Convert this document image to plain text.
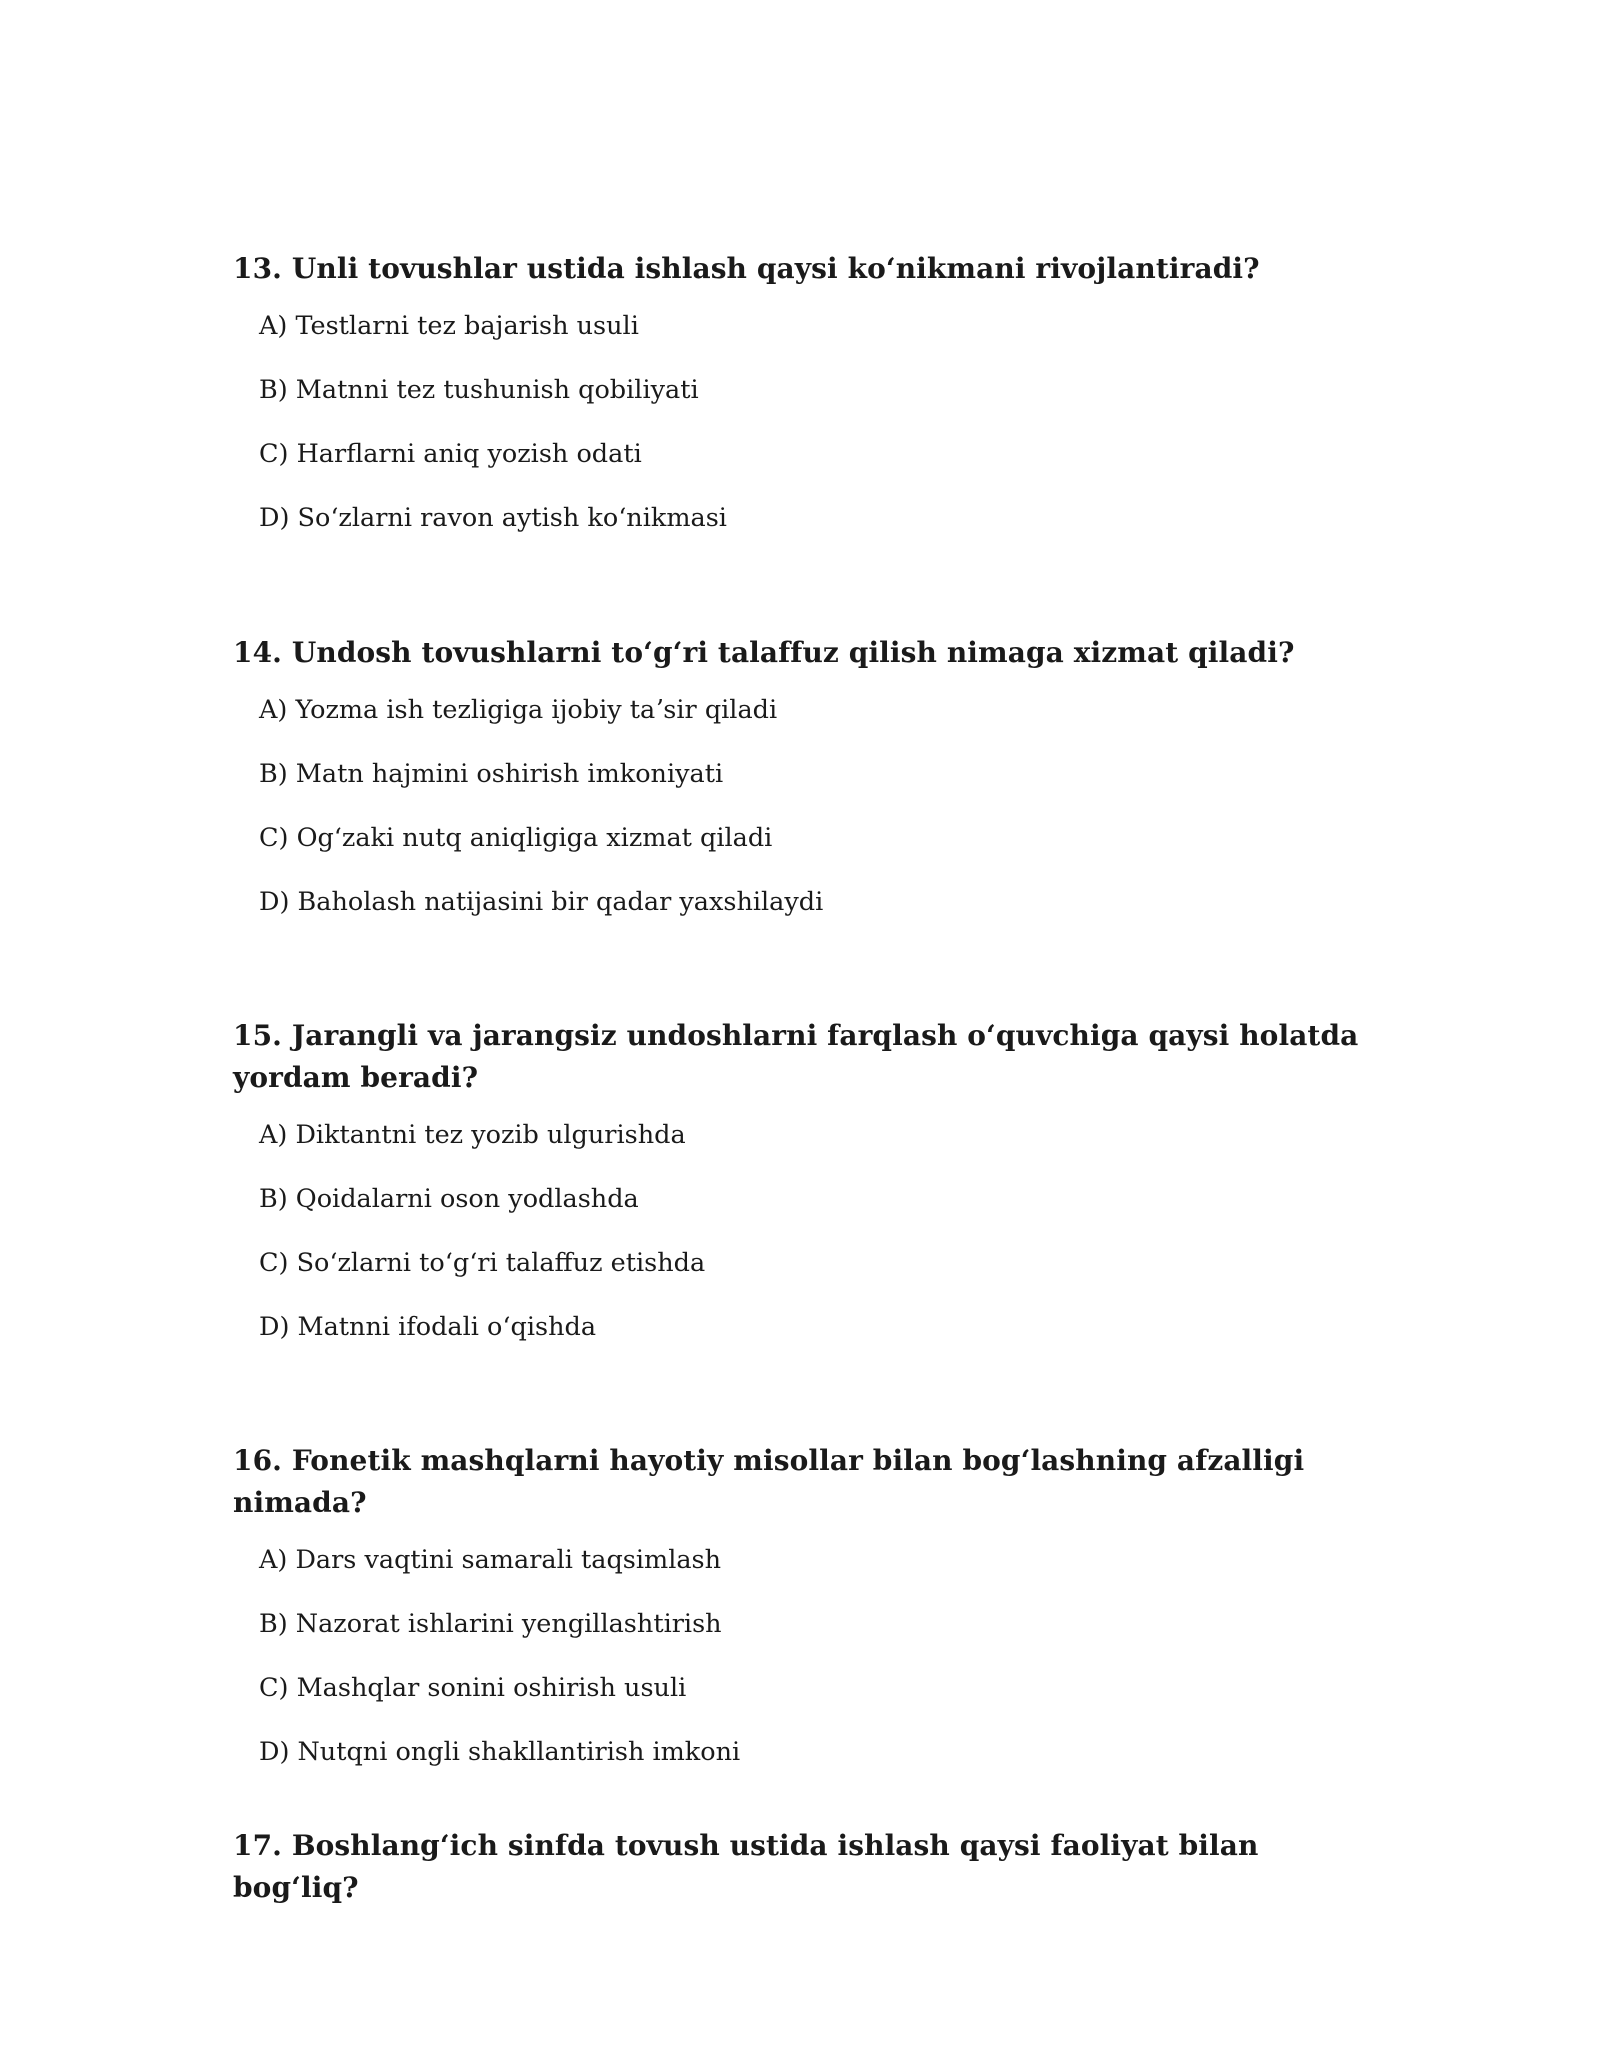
13. Unli tovushlar ustida ishlash qaysi koʻnikmani rivojlantiradi?
A) Testlarni tez bajarish usuli
B) Matnni tez tushunish qobiliyati
C) Harflarni aniq yozish odati
D) Soʻzlarni ravon aytish koʻnikmasi
14. Undosh tovushlarni toʻgʻri talaffuz qilish nimaga xizmat qiladi?
A) Yozma ish tezligiga ijobiy taʼsir qiladi
B) Matn hajmini oshirish imkoniyati
C) Ogʻzaki nutq aniqligiga xizmat qiladi
D) Baholash natijasini bir qadar yaxshilaydi
15. Jarangli va jarangsiz undoshlarni farqlash oʻquvchiga qaysi holatda yordam beradi?
A) Diktantni tez yozib ulgurishda
B) Qoidalarni oson yodlashda
C) Soʻzlarni toʻgʻri talaffuz etishda
D) Matnni ifodali oʻqishda
16. Fonetik mashqlarni hayotiy misollar bilan bogʻlashning afzalligi nimada?
A) Dars vaqtini samarali taqsimlash
B) Nazorat ishlarini yengillashtirish
C) Mashqlar sonini oshirish usuli
D) Nutqni ongli shakllantirish imkoni
17. Boshlangʻich sinfda tovush ustida ishlash qaysi faoliyat bilan bogʻliq?
